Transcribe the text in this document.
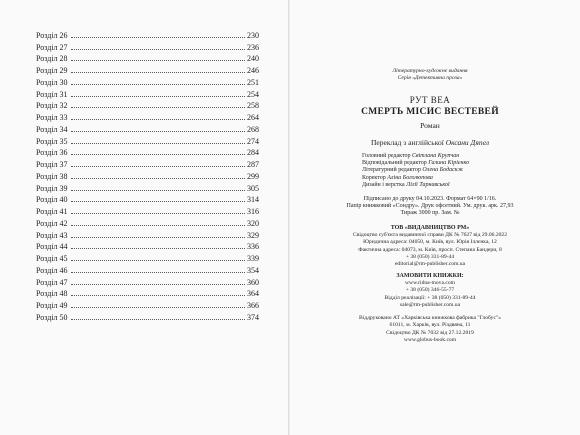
Розділ 26	230
Розділ 27	236
Розділ 28	240
Розділ 29	246
Розділ 30	251
Розділ 31	254
Розділ 32	258
Розділ 33	264
Розділ 34	268
Розділ 35	274
Розділ 36	284
Розділ 37	287
Розділ 38	299
Розділ 39	305
Розділ 40	314
Розділ 41	316
Розділ 42	320
Розділ 43	329
Розділ 44	336
Розділ 45	339
Розділ 46	354
Розділ 47	360
Розділ 48	364
Розділ 49	366
Розділ 50	374
Літературно-художнє видання
Серія «Детективна проза»
РУТ ВЕА
СМЕРТЬ МІСИС ВЕСТЕВЕЙ
Роман
Переклад з англійської Оксани Дяпел
Головний редактор Світлана Крупчан
Відповідальний редактор Галина Кірієнко
Літературний редактор Олена Бодаскж
Коректор Аліна Боголюпова
Дизайн і верстка Лілії Тарнавської
Підписано до друку 04.10.2023. Формат 64×90 1/16.
Папір книжковий «Сондру». Друк офсетний. Ум. друк. арк. 27,93
Тираж 3000 пр. Зам. №
ТОВ «ВИДАВНИЦТВО РМ»
Свідоцтво суб'єкта видавничої справи ДК № 7627 від 29.06.2022
Юридична адреса: 04050, м. Київ, вул. Юрія Іллєнка, 12
Фактична адреса: 04073, м. Київ, просп. Степана Бандери, 8
+ 38 (050) 331-89-44
editorial@rm-publisher.com.ua
ЗАМОВИТИ КНИЖКИ:
www.ridna-mova.com
+ 38 (050) 346-55-77
Відділ реалізації: + 38 (050) 331-89-44
sale@rm-publisher.com.ua
Віддруковано АТ «Харківська книжкова фабрика "Глобус"»
61011, м. Харків, вул. Різдвяна, 11
Свідоцтво ДК № 7032 від 27.12.2019
www.globus-book.com
